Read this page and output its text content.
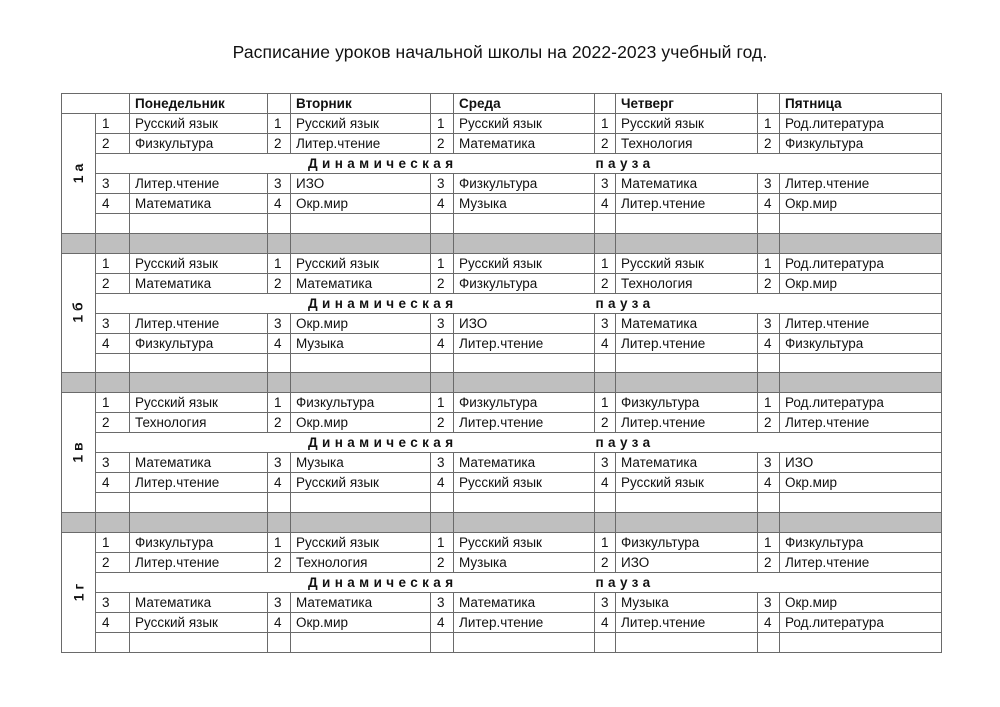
Расписание уроков начальной школы на 2022-2023 учебный год.
		Понедельник		Вторник		Среда		Четверг		Пятница
1 а	1	Русский язык	1	Русский язык	1	Русский язык	1	Русский язык	1	Род.литература
	2	Физкультура	2	Литер.чтение	2	Математика	2	Технология	2	Физкультура
	Динамическая пауза									
	3	Литер.чтение	3	ИЗО	3	Физкультура	3	Математика	3	Литер.чтение
	4	Математика	4	Окр.мир	4	Музыка	4	Литер.чтение	4	Окр.мир

1 б	1	Русский язык	1	Русский язык	1	Русский язык	1	Русский язык	1	Род.литература
	2	Математика	2	Математика	2	Физкультура	2	Технология	2	Окр.мир
	Динамическая пауза									
	3	Литер.чтение	3	Окр.мир	3	ИЗО	3	Математика	3	Литер.чтение
	4	Физкультура	4	Музыка	4	Литер.чтение	4	Литер.чтение	4	Физкультура

1 в	1	Русский язык	1	Физкультура	1	Физкультура	1	Физкультура	1	Род.литература
	2	Технология	2	Окр.мир	2	Литер.чтение	2	Литер.чтение	2	Литер.чтение
	Динамическая пауза									
	3	Математика	3	Музыка	3	Математика	3	Математика	3	ИЗО
	4	Литер.чтение	4	Русский язык	4	Русский язык	4	Русский язык	4	Окр.мир

1 г	1	Физкультура	1	Русский язык	1	Русский язык	1	Физкультура	1	Физкультура
	2	Литер.чтение	2	Технология	2	Музыка	2	ИЗО	2	Литер.чтение
	Динамическая пауза									
	3	Математика	3	Математика	3	Математика	3	Музыка	3	Окр.мир
	4	Русский язык	4	Окр.мир	4	Литер.чтение	4	Литер.чтение	4	Род.литература
